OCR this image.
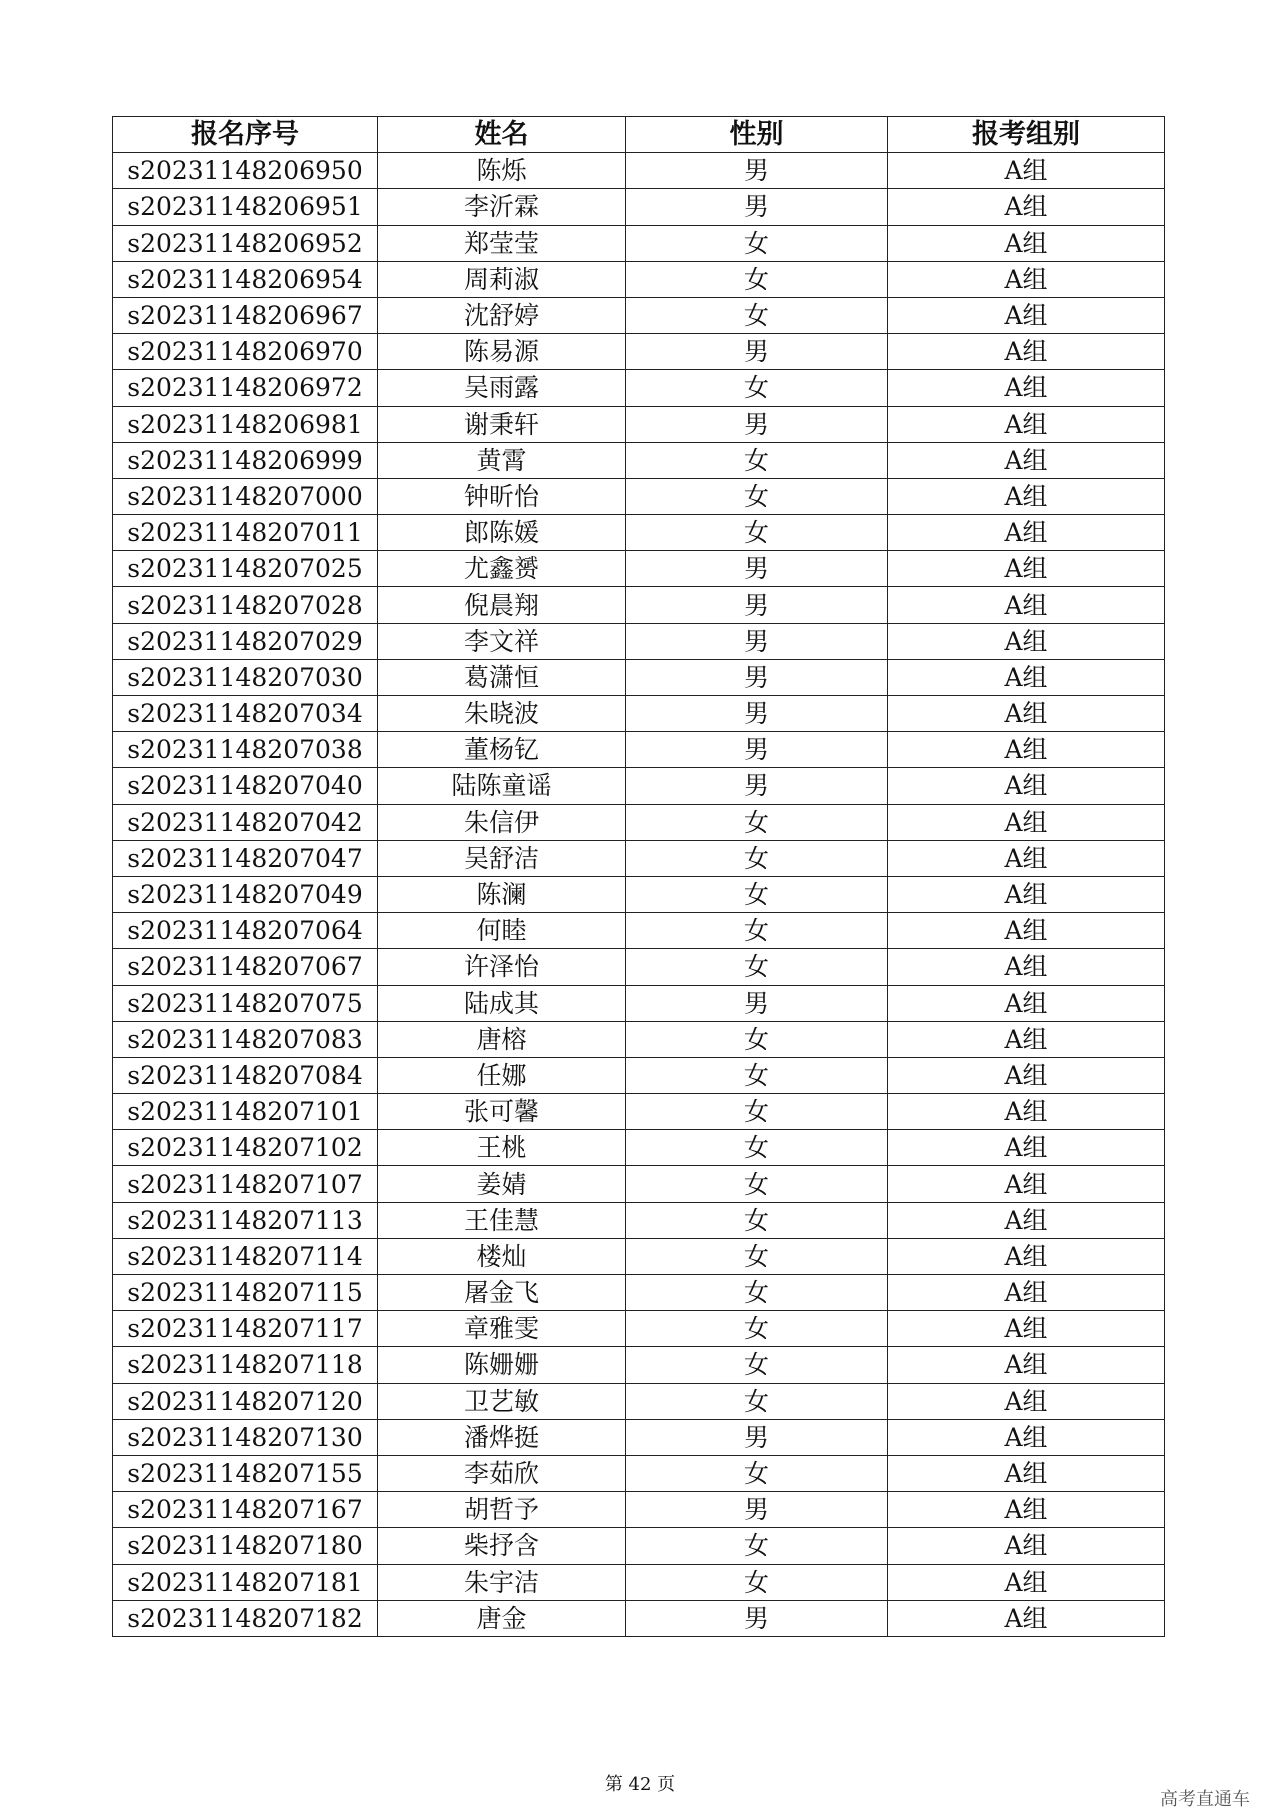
报名序号	姓名	性别	报考组别
s20231148206950	陈烁	男	A组
s20231148206951	李沂霖	男	A组
s20231148206952	郑莹莹	女	A组
s20231148206954	周莉淑	女	A组
s20231148206967	沈舒婷	女	A组
s20231148206970	陈易源	男	A组
s20231148206972	吴雨露	女	A组
s20231148206981	谢秉轩	男	A组
s20231148206999	黄霄	女	A组
s20231148207000	钟昕怡	女	A组
s20231148207011	郎陈媛	女	A组
s20231148207025	尤鑫赟	男	A组
s20231148207028	倪晨翔	男	A组
s20231148207029	李文祥	男	A组
s20231148207030	葛潇恒	男	A组
s20231148207034	朱晓波	男	A组
s20231148207038	董杨钇	男	A组
s20231148207040	陆陈童谣	男	A组
s20231148207042	朱信伊	女	A组
s20231148207047	吴舒洁	女	A组
s20231148207049	陈澜	女	A组
s20231148207064	何睦	女	A组
s20231148207067	许泽怡	女	A组
s20231148207075	陆成其	男	A组
s20231148207083	唐榕	女	A组
s20231148207084	任娜	女	A组
s20231148207101	张可馨	女	A组
s20231148207102	王桃	女	A组
s20231148207107	姜婧	女	A组
s20231148207113	王佳慧	女	A组
s20231148207114	楼灿	女	A组
s20231148207115	屠金飞	女	A组
s20231148207117	章雅雯	女	A组
s20231148207118	陈姗姗	女	A组
s20231148207120	卫艺敏	女	A组
s20231148207130	潘烨挺	男	A组
s20231148207155	李茹欣	女	A组
s20231148207167	胡哲予	男	A组
s20231148207180	柴抒含	女	A组
s20231148207181	朱宇洁	女	A组
s20231148207182	唐金	男	A组
第 42 页
高考直通车
